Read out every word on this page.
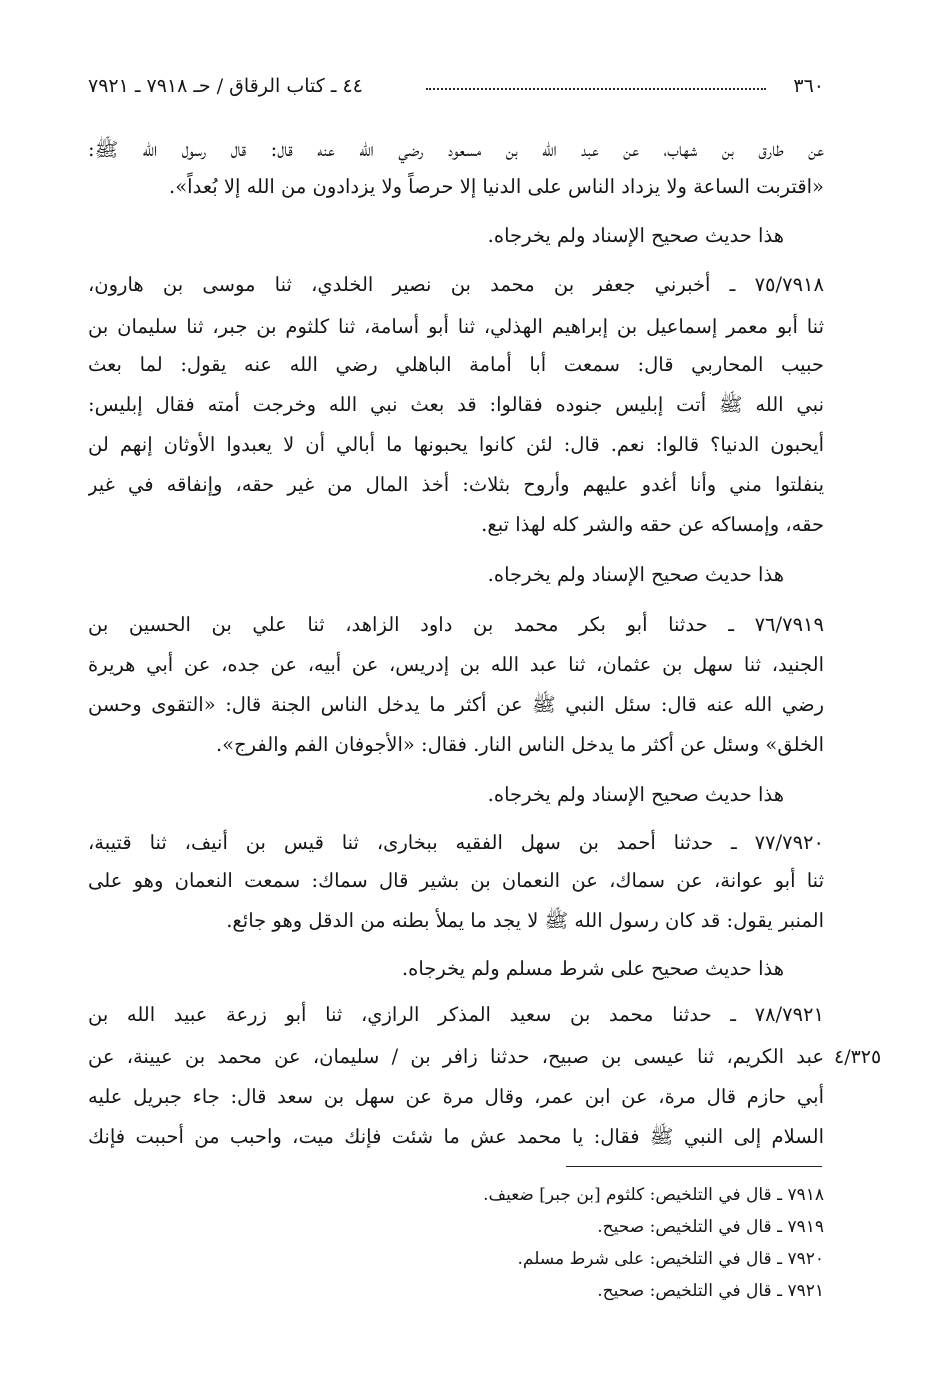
٣٦٠
٤٤ ـ كتاب الرقاق / حـ ٧٩١٨ ـ ٧٩٢١
عن طارق بن شهاب، عن عبد الله بن مسعود رضي الله عنه قال: قال رسول الله ﷺ:
«اقتربت الساعة ولا يزداد الناس على الدنيا إلا حرصاً ولا يزدادون من الله إلا بُعداً».
هذا حديث صحيح الإسناد ولم يخرجاه.
٧٥/٧٩١٨ ـ أخبرني جعفر بن محمد بن نصير الخلدي، ثنا موسى بن هارون،
ثنا أبو معمر إسماعيل بن إبراهيم الهذلي، ثنا أبو أسامة، ثنا كلثوم بن جبر، ثنا سليمان بن
حبيب المحاربي قال: سمعت أبا أمامة الباهلي رضي الله عنه يقول: لما بعث
نبي الله ﷺ أتت إبليس جنوده فقالوا: قد بعث نبي الله وخرجت أمته فقال إبليس:
أيحبون الدنيا؟ قالوا: نعم. قال: لئن كانوا يحبونها ما أبالي أن لا يعبدوا الأوثان إنهم لن
ينفلتوا مني وأنا أغدو عليهم وأروح بثلاث: أخذ المال من غير حقه، وإنفاقه في غير
حقه، وإمساكه عن حقه والشر كله لهذا تبع.
هذا حديث صحيح الإسناد ولم يخرجاه.
٧٦/٧٩١٩ ـ حدثنا أبو بكر محمد بن داود الزاهد، ثنا علي بن الحسين بن
الجنيد، ثنا سهل بن عثمان، ثنا عبد الله بن إدريس، عن أبيه، عن جده، عن أبي هريرة
رضي الله عنه قال: سئل النبي ﷺ عن أكثر ما يدخل الناس الجنة قال: «التقوى وحسن
الخلق» وسئل عن أكثر ما يدخل الناس النار. فقال: «الأجوفان الفم والفرج».
هذا حديث صحيح الإسناد ولم يخرجاه.
٧٧/٧٩٢٠ ـ حدثنا أحمد بن سهل الفقيه ببخارى، ثنا قيس بن أنيف، ثنا قتيبة،
ثنا أبو عوانة، عن سماك، عن النعمان بن بشير قال سماك: سمعت النعمان وهو على
المنبر يقول: قد كان رسول الله ﷺ لا يجد ما يملأ بطنه من الدقل وهو جائع.
هذا حديث صحيح على شرط مسلم ولم يخرجاه.
٧٨/٧٩٢١ ـ حدثنا محمد بن سعيد المذكر الرازي، ثنا أبو زرعة عبيد الله بن
عبد الكريم، ثنا عيسى بن صبيح، حدثنا زافر بن / سليمان، عن محمد بن عيينة، عن
أبي حازم قال مرة، عن ابن عمر، وقال مرة عن سهل بن سعد قال: جاء جبريل عليه
السلام إلى النبي ﷺ فقال: يا محمد عش ما شئت فإنك ميت، واحبب من أحببت فإنك
٤/٣٢٥
٧٩١٨ ـ قال في التلخيص: كلثوم [بن جبر] ضعيف.
٧٩١٩ ـ قال في التلخيص: صحيح.
٧٩٢٠ ـ قال في التلخيص: على شرط مسلم.
٧٩٢١ ـ قال في التلخيص: صحيح.
